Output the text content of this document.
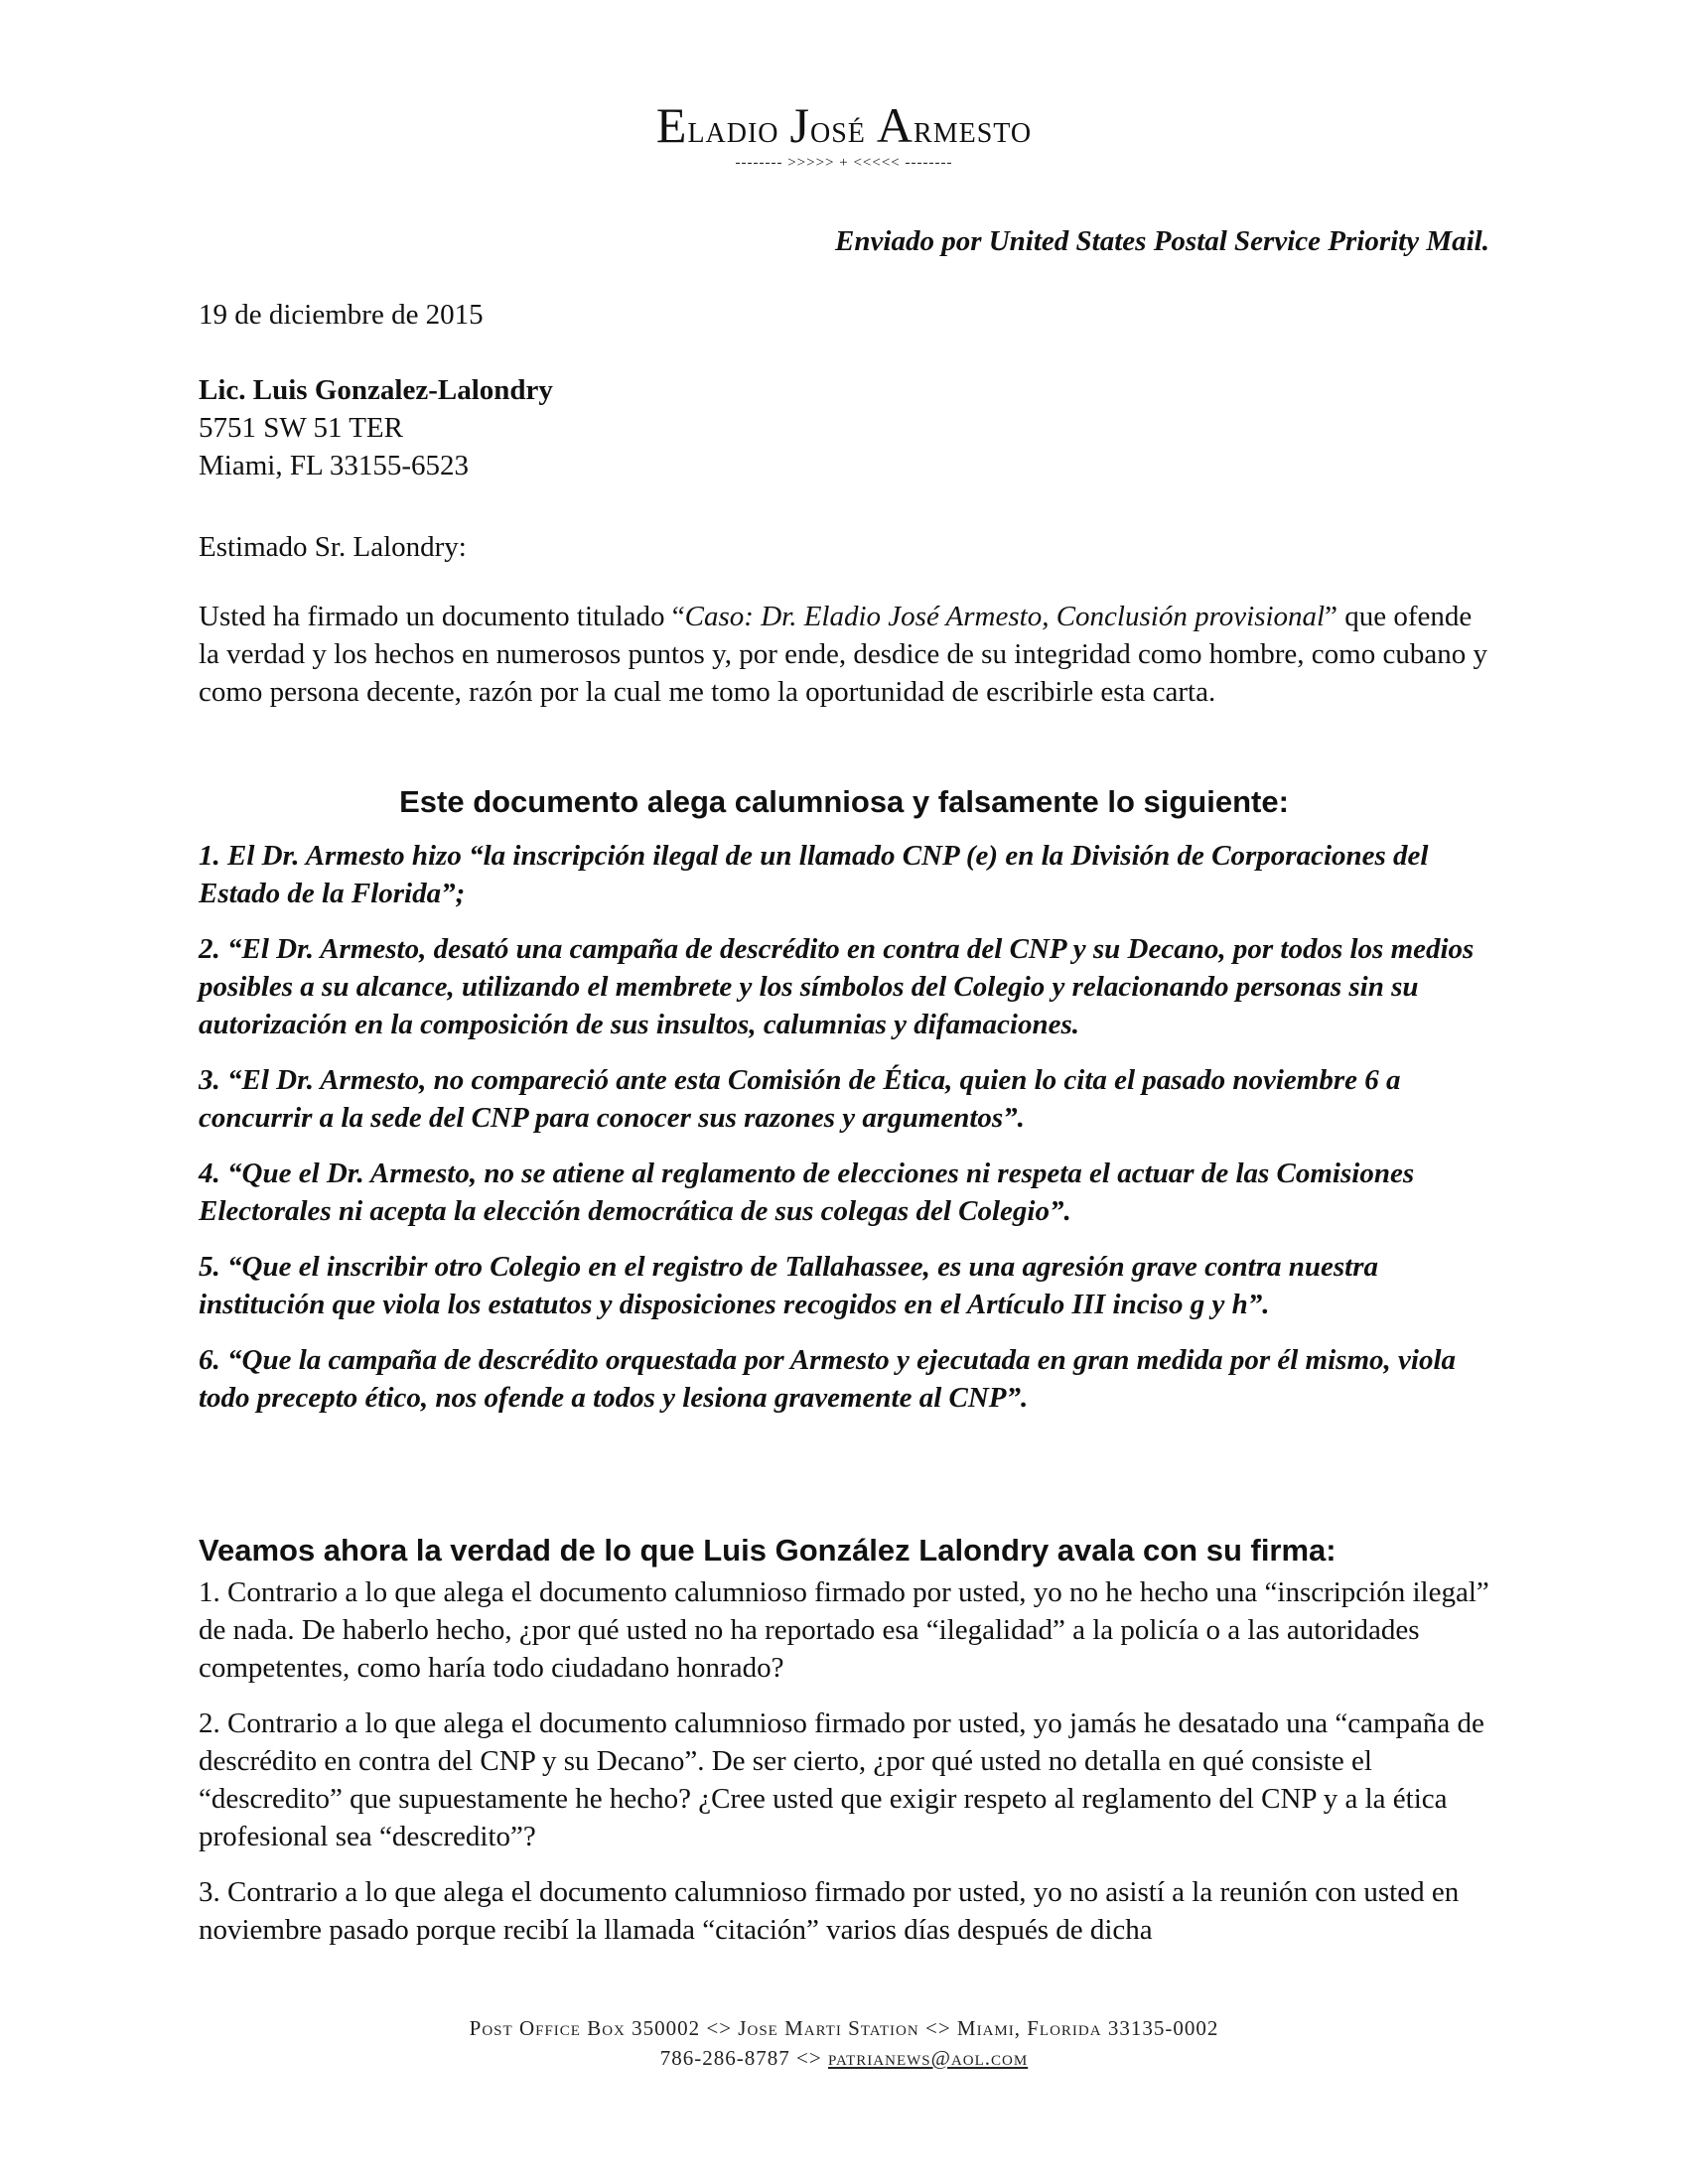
Eladio José Armesto
-------- >>>>> + <<<<< --------
Enviado por United States Postal Service Priority Mail.
19 de diciembre de 2015
Lic. Luis Gonzalez-Lalondry
5751 SW 51 TER
Miami, FL 33155-6523
Estimado Sr. Lalondry:
Usted ha firmado un documento titulado “Caso: Dr. Eladio José Armesto, Conclusión provisional” que ofende la verdad y los hechos en numerosos puntos y, por ende, desdice de su integridad como hombre, como cubano y como persona decente, razón por la cual me tomo la oportunidad de escribirle esta carta.
Este documento alega calumniosa y falsamente lo siguiente:

1. El Dr. Armesto hizo “la inscripción ilegal de un llamado CNP (e) en la División de Corporaciones del Estado de la Florida”;

2. “El Dr. Armesto, desató una campaña de descrédito en contra del CNP y su Decano, por todos los medios posibles a su alcance, utilizando el membrete y los símbolos del Colegio y relacionando personas sin su autorización en la composición de sus insultos, calumnias y difamaciones.

3. “El Dr. Armesto, no compareció ante esta Comisión de Ética, quien lo cita el pasado noviembre 6 a concurrir a la sede del CNP para conocer sus razones y argumentos”.

4. “Que el Dr. Armesto, no se atiene al reglamento de elecciones ni respeta el actuar de las Comisiones Electorales ni acepta la elección democrática de sus colegas del Colegio”.

5. “Que el inscribir otro Colegio en el registro de Tallahassee, es una agresión grave contra nuestra institución que viola los estatutos y disposiciones recogidos en el Artículo III inciso g y h”.

6. “Que la campaña de descrédito orquestada por Armesto y ejecutada en gran medida por él mismo, viola todo precepto ético, nos ofende a todos y lesiona gravemente al CNP”.

Veamos ahora la verdad de lo que Luis González Lalondry avala con su firma:

1. Contrario a lo que alega el documento calumnioso firmado por usted, yo no he hecho una “inscripción ilegal” de nada. De haberlo hecho, ¿por qué usted no ha reportado esa “ilegalidad” a la policía o a las autoridades competentes, como haría todo ciudadano honrado?

2. Contrario a lo que alega el documento calumnioso firmado por usted, yo jamás he desatado una “campaña de descrédito en contra del CNP y su Decano”. De ser cierto, ¿por qué usted no detalla en qué consiste el “descredito” que supuestamente he hecho? ¿Cree usted que exigir respeto al reglamento del CNP y a la ética profesional sea “descredito”?

3. Contrario a lo que alega el documento calumnioso firmado por usted, yo no asistí a la reunión con usted en noviembre pasado porque recibí la llamada “citación” varios días después de dicha

Post Office Box 350002 <> Jose Marti Station <> Miami, Florida 33135-0002
786-286-8787 <> patrianews@aol.com
